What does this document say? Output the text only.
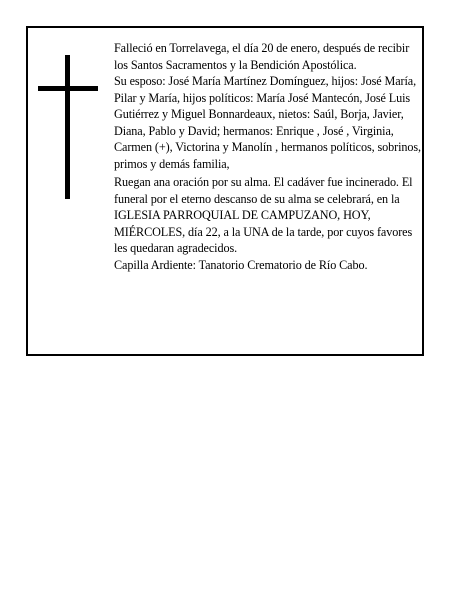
Falleció en Torrelavega, el día 20 de enero, después de recibir los Santos Sacramentos y la Bendición Apostólica.

Su esposo: José María Martínez Domínguez, hijos: José María, Pilar y María, hijos políticos: María José Mantecón, José Luis Gutiérrez y Miguel Bonnardeaux, nietos: Saúl, Borja, Javier, Diana, Pablo y David; hermanos: Enrique , José , Virginia, Carmen (+), Victorina y Manolín , hermanos políticos, sobrinos, primos y demás familia,

Ruegan ana oración por su alma. El cadáver fue incinerado. El funeral por el eterno descanso de su alma se celebrará, en la IGLESIA PARROQUIAL DE CAMPUZANO, HOY, MIÉRCOLES, día 22, a la UNA de la tarde, por cuyos favores les quedaran agradecidos.

Capilla Ardiente: Tanatorio Crematorio de Río Cabo.
